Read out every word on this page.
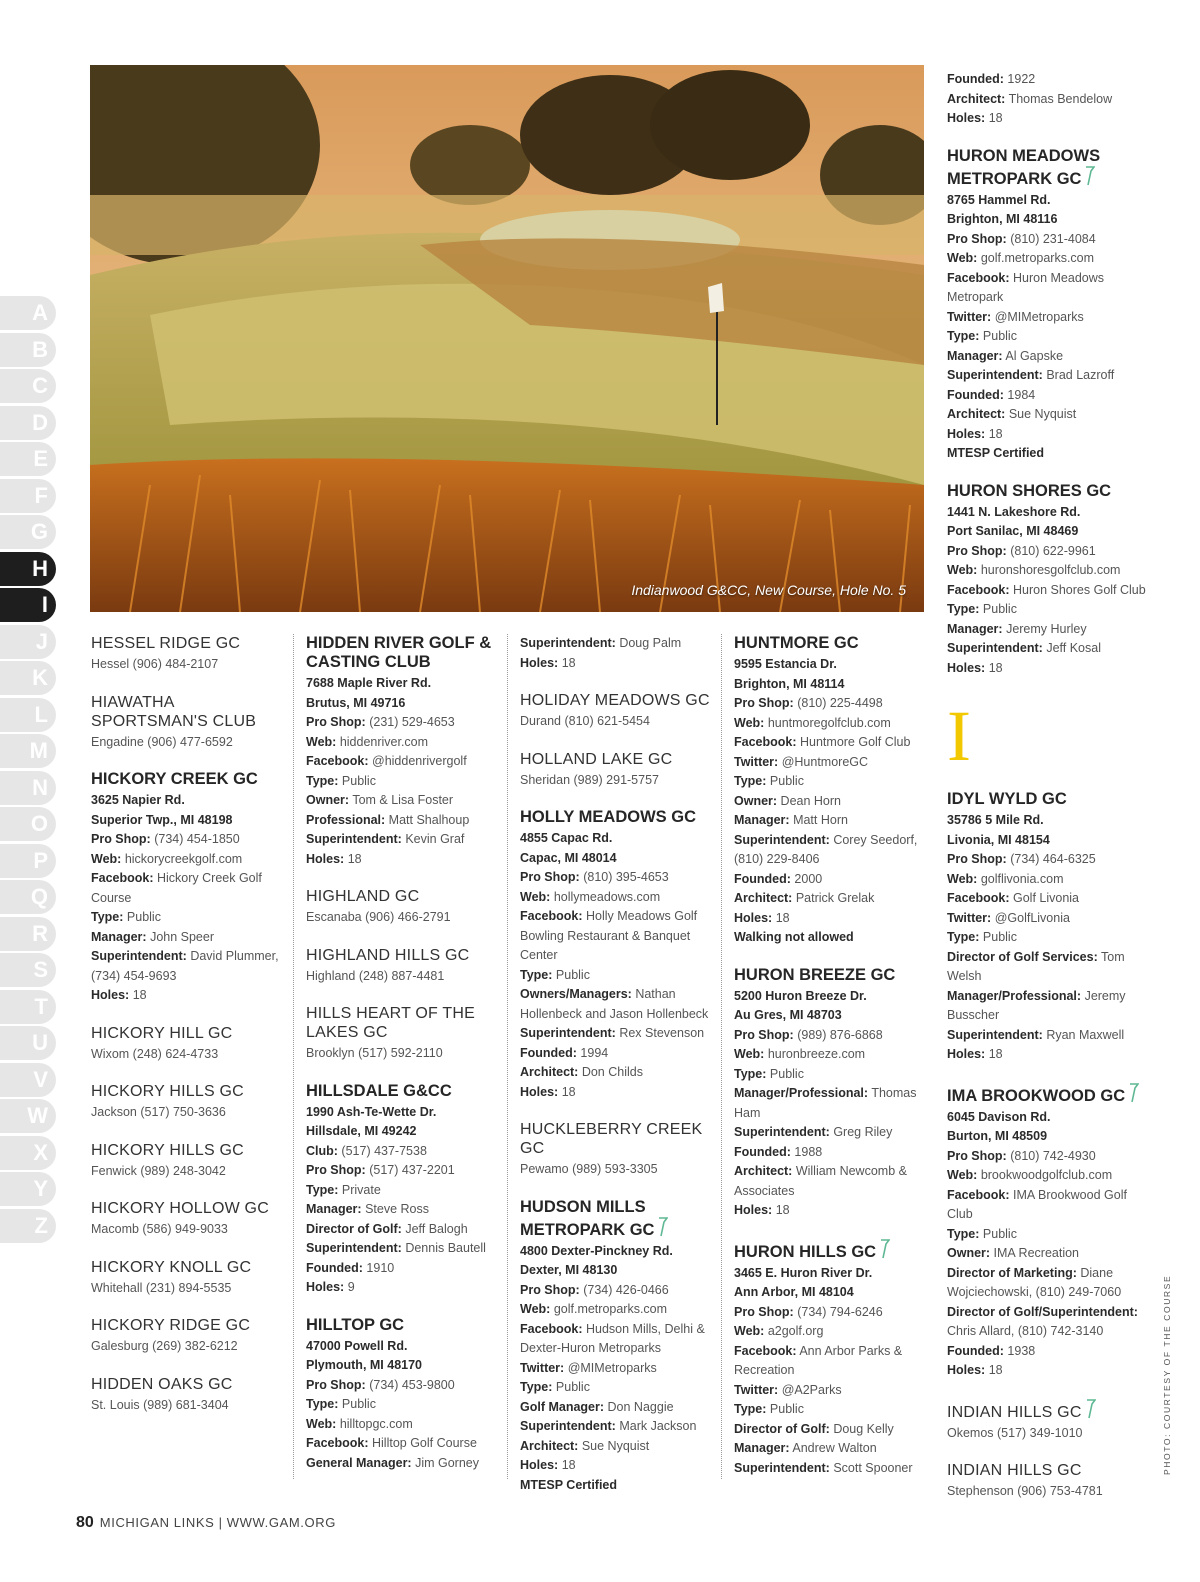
Indianwood G&CC, New Course, Hole No. 5
A
B
C
D
E
F
G
H
I
J
K
L
M
N
O
P
Q
R
S
T
U
V
W
X
Y
Z
HESSEL RIDGE GC
Hessel (906) 484-2107
HIAWATHA SPORTSMAN'S CLUB
Engadine (906) 477-6592
HICKORY CREEK GC
3625 Napier Rd.
Superior Twp., MI 48198
Pro Shop: (734) 454-1850
Web: hickorycreekgolf.com
Facebook: Hickory Creek Golf Course
Type: Public
Manager: John Speer
Superintendent: David Plummer, (734) 454-9693
Holes: 18
HICKORY HILL GC
Wixom (248) 624-4733
HICKORY HILLS GC
Jackson (517) 750-3636
HICKORY HILLS GC
Fenwick (989) 248-3042
HICKORY HOLLOW GC
Macomb (586) 949-9033
HICKORY KNOLL GC
Whitehall (231) 894-5535
HICKORY RIDGE GC
Galesburg (269) 382-6212
HIDDEN OAKS GC
St. Louis (989) 681-3404
HIDDEN RIVER GOLF & CASTING CLUB
7688 Maple River Rd.
Brutus, MI 49716
Pro Shop: (231) 529-4653
Web: hiddenriver.com
Facebook: @hiddenrivergolf
Type: Public
Owner: Tom & Lisa Foster
Professional: Matt Shalhoup
Superintendent: Kevin Graf
Holes: 18
HIGHLAND GC
Escanaba (906) 466-2791
HIGHLAND HILLS GC
Highland (248) 887-4481
HILLS HEART OF THE LAKES GC
Brooklyn (517) 592-2110
HILLSDALE G&CC
1990 Ash-Te-Wette Dr.
Hillsdale, MI 49242
Club: (517) 437-7538
Pro Shop: (517) 437-2201
Type: Private
Manager: Steve Ross
Director of Golf: Jeff Balogh
Superintendent: Dennis Bautell
Founded: 1910
Holes: 9
HILLTOP GC
47000 Powell Rd.
Plymouth, MI 48170
Pro Shop: (734) 453-9800
Type: Public
Web: hilltopgc.com
Facebook: Hilltop Golf Course
General Manager: Jim Gorney
Superintendent: Doug Palm
Holes: 18
HOLIDAY MEADOWS GC
Durand (810) 621-5454
HOLLAND LAKE GC
Sheridan (989) 291-5757
HOLLY MEADOWS GC
4855 Capac Rd.
Capac, MI 48014
Pro Shop: (810) 395-4653
Web: hollymeadows.com
Facebook: Holly Meadows Golf Bowling Restaurant & Banquet Center
Type: Public
Owners/Managers: Nathan Hollenbeck and Jason Hollenbeck
Superintendent: Rex Stevenson
Founded: 1994
Architect: Don Childs
Holes: 18
HUCKLEBERRY CREEK GC
Pewamo (989) 593-3305
HUDSON MILLS METROPARK GC
4800 Dexter-Pinckney Rd.
Dexter, MI 48130
Pro Shop: (734) 426-0466
Web: golf.metroparks.com
Facebook: Hudson Mills, Delhi & Dexter-Huron Metroparks
Twitter: @MIMetroparks
Type: Public
Golf Manager: Don Naggie
Superintendent: Mark Jackson
Architect: Sue Nyquist
Holes: 18
MTESP Certified
HUNTMORE GC
9595 Estancia Dr.
Brighton, MI 48114
Pro Shop: (810) 225-4498
Web: huntmoregolfclub.com
Facebook: Huntmore Golf Club
Twitter: @HuntmoreGC
Type: Public
Owner: Dean Horn
Manager: Matt Horn
Superintendent: Corey Seedorf, (810) 229-8406
Founded: 2000
Architect: Patrick Grelak
Holes: 18
Walking not allowed
HURON BREEZE GC
5200 Huron Breeze Dr.
Au Gres, MI 48703
Pro Shop: (989) 876-6868
Web: huronbreeze.com
Type: Public
Manager/Professional: Thomas Ham
Superintendent: Greg Riley
Founded: 1988
Architect: William Newcomb & Associates
Holes: 18
HURON HILLS GC
3465 E. Huron River Dr.
Ann Arbor, MI 48104
Pro Shop: (734) 794-6246
Web: a2golf.org
Facebook: Ann Arbor Parks & Recreation
Twitter: @A2Parks
Type: Public
Director of Golf: Doug Kelly
Manager: Andrew Walton
Superintendent: Scott Spooner
Founded: 1922
Architect: Thomas Bendelow
Holes: 18
HURON MEADOWS METROPARK GC
8765 Hammel Rd.
Brighton, MI 48116
Pro Shop: (810) 231-4084
Web: golf.metroparks.com
Facebook: Huron Meadows Metropark
Twitter: @MIMetroparks
Type: Public
Manager: Al Gapske
Superintendent: Brad Lazroff
Founded: 1984
Architect: Sue Nyquist
Holes: 18
MTESP Certified
HURON SHORES GC
1441 N. Lakeshore Rd.
Port Sanilac, MI 48469
Pro Shop: (810) 622-9961
Web: huronshoresgolfclub.com
Facebook: Huron Shores Golf Club
Type: Public
Manager: Jeremy Hurley
Superintendent: Jeff Kosal
Holes: 18
I
IDYL WYLD GC
35786 5 Mile Rd.
Livonia, MI 48154
Pro Shop: (734) 464-6325
Web: golflivonia.com
Facebook: Golf Livonia
Twitter: @GolfLivonia
Type: Public
Director of Golf Services: Tom Welsh
Manager/Professional: Jeremy Busscher
Superintendent: Ryan Maxwell
Holes: 18
IMA BROOKWOOD GC
6045 Davison Rd.
Burton, MI 48509
Pro Shop: (810) 742-4930
Web: brookwoodgolfclub.com
Facebook: IMA Brookwood Golf Club
Type: Public
Owner: IMA Recreation
Director of Marketing: Diane Wojciechowski, (810) 249-7060
Director of Golf/Superintendent: Chris Allard, (810) 742-3140
Founded: 1938
Holes: 18
INDIAN HILLS GC
Okemos (517) 349-1010
INDIAN HILLS GC
Stephenson (906) 753-4781
80 MICHIGAN LINKS | WWW.GAM.ORG
PHOTO: COURTESY OF THE COURSE
